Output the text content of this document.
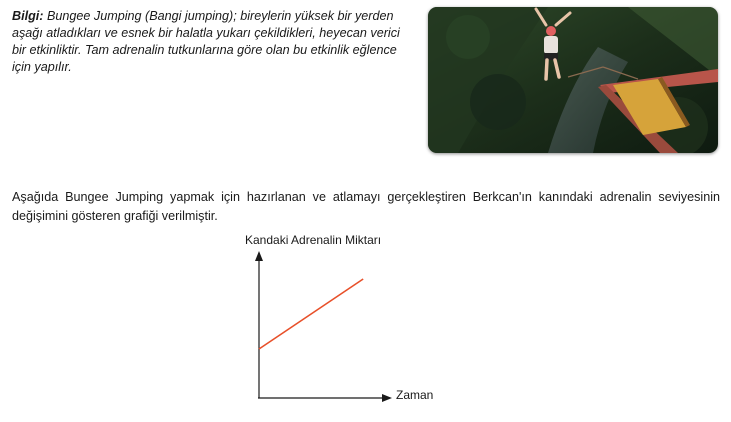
Bilgi: Bungee Jumping (Bangi jumping); bireylerin yüksek bir yerden aşağı atladıkları ve esnek bir halatla yukarı çekildikleri, heyecan verici bir etkinliktir. Tam adrenalin tutkunlarına göre olan bu etkinlik eğlence için yapılır.
Aşağıda Bungee Jumping yapmak için hazırlanan ve atlamayı gerçekleştiren Berkcan'ın kanındaki adrenalin seviyesinin değişimini gösteren grafiği verilmiştir.
Kandaki Adrenalin Miktarı
Zaman
